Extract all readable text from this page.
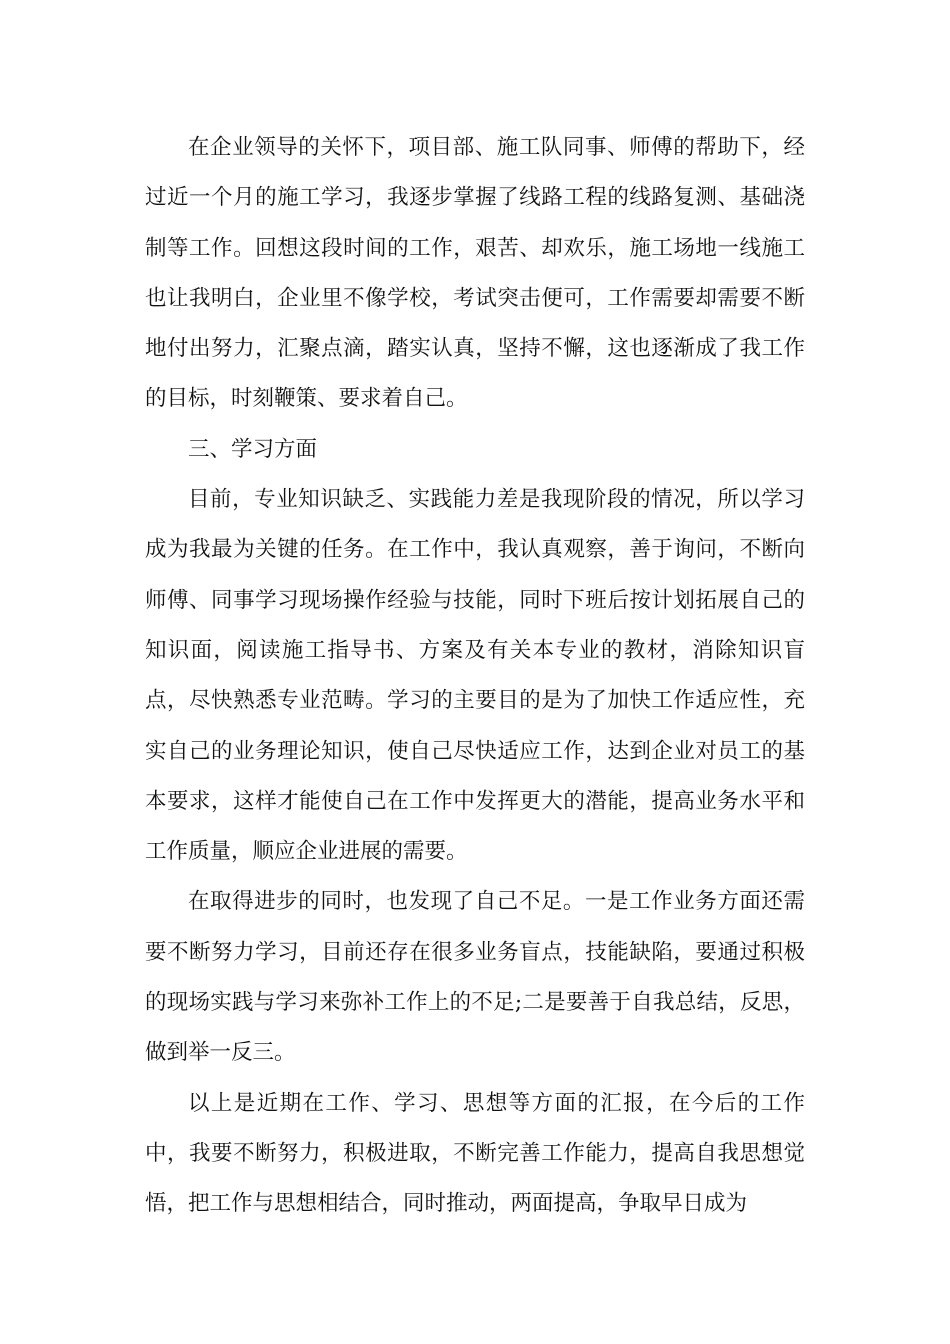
在企业领导的关怀下，项目部、施工队同事、师傅的帮助下，经过近一个月的施工学习，我逐步掌握了线路工程的线路复测、基础浇制等工作。回想这段时间的工作，艰苦、却欢乐，施工场地一线施工也让我明白，企业里不像学校，考试突击便可，工作需要却需要不断地付出努力，汇聚点滴，踏实认真，坚持不懈，这也逐渐成了我工作的目标，时刻鞭策、要求着自己。

三、学习方面

目前，专业知识缺乏、实践能力差是我现阶段的情况，所以学习成为我最为关键的任务。在工作中，我认真观察，善于询问，不断向师傅、同事学习现场操作经验与技能，同时下班后按计划拓展自己的知识面，阅读施工指导书、方案及有关本专业的教材，消除知识盲点，尽快熟悉专业范畴。学习的主要目的是为了加快工作适应性，充实自己的业务理论知识，使自己尽快适应工作，达到企业对员工的基本要求，这样才能使自己在工作中发挥更大的潜能，提高业务水平和工作质量，顺应企业进展的需要。

在取得进步的同时，也发现了自己不足。一是工作业务方面还需要不断努力学习，目前还存在很多业务盲点，技能缺陷，要通过积极的现场实践与学习来弥补工作上的不足;二是要善于自我总结，反思，做到举一反三。

以上是近期在工作、学习、思想等方面的汇报，在今后的工作中，我要不断努力，积极进取，不断完善工作能力，提高自我思想觉悟，把工作与思想相结合，同时推动，两面提高，争取早日成为
